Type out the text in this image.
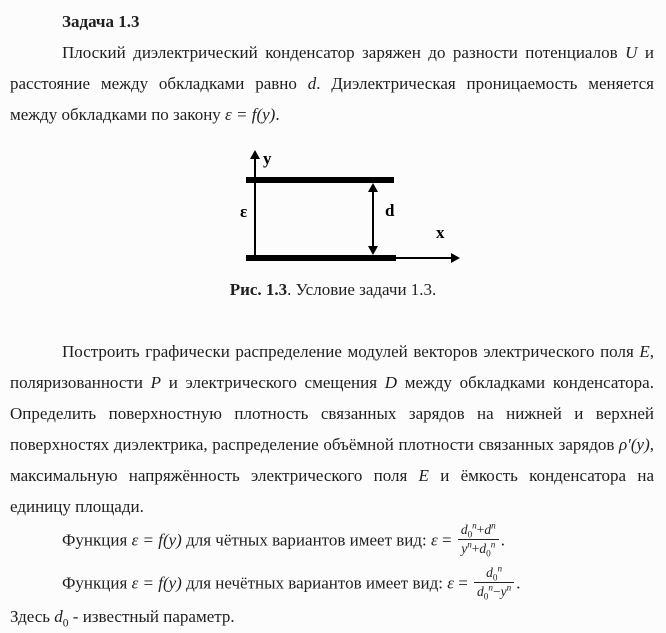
Задача 1.3

Плоский диэлектрический конденсатор заряжен до разности потенциалов U и расстояние между обкладками равно d. Диэлектрическая проницаемость меняется между обкладками по закону ε = f(y).

y
ε	d
x
Рис. 1.3. Условие задачи 1.3.

Построить графически распределение модулей векторов электрического поля E, поляризованности P и электрического смещения D между обкладками конденсатора. Определить поверхностную плотность связанных зарядов на нижней и верхней поверхностях диэлектрика, распределение объёмной плотности связанных зарядов ρ′(y), максимальную напряжённость электрического поля E и ёмкость конденсатора на единицу площади.

Функция ε = f(y) для чётных вариантов имеет вид: $\varepsilon = \frac{d_0^n+d^n}{y^n+d_0^n}$ .
Функция ε = f(y) для нечётных вариантов имеет вид: $\varepsilon = \frac{d_0^n}{d_0^n-y^n}$ .

Здесь $d_0$ - известный параметр.
